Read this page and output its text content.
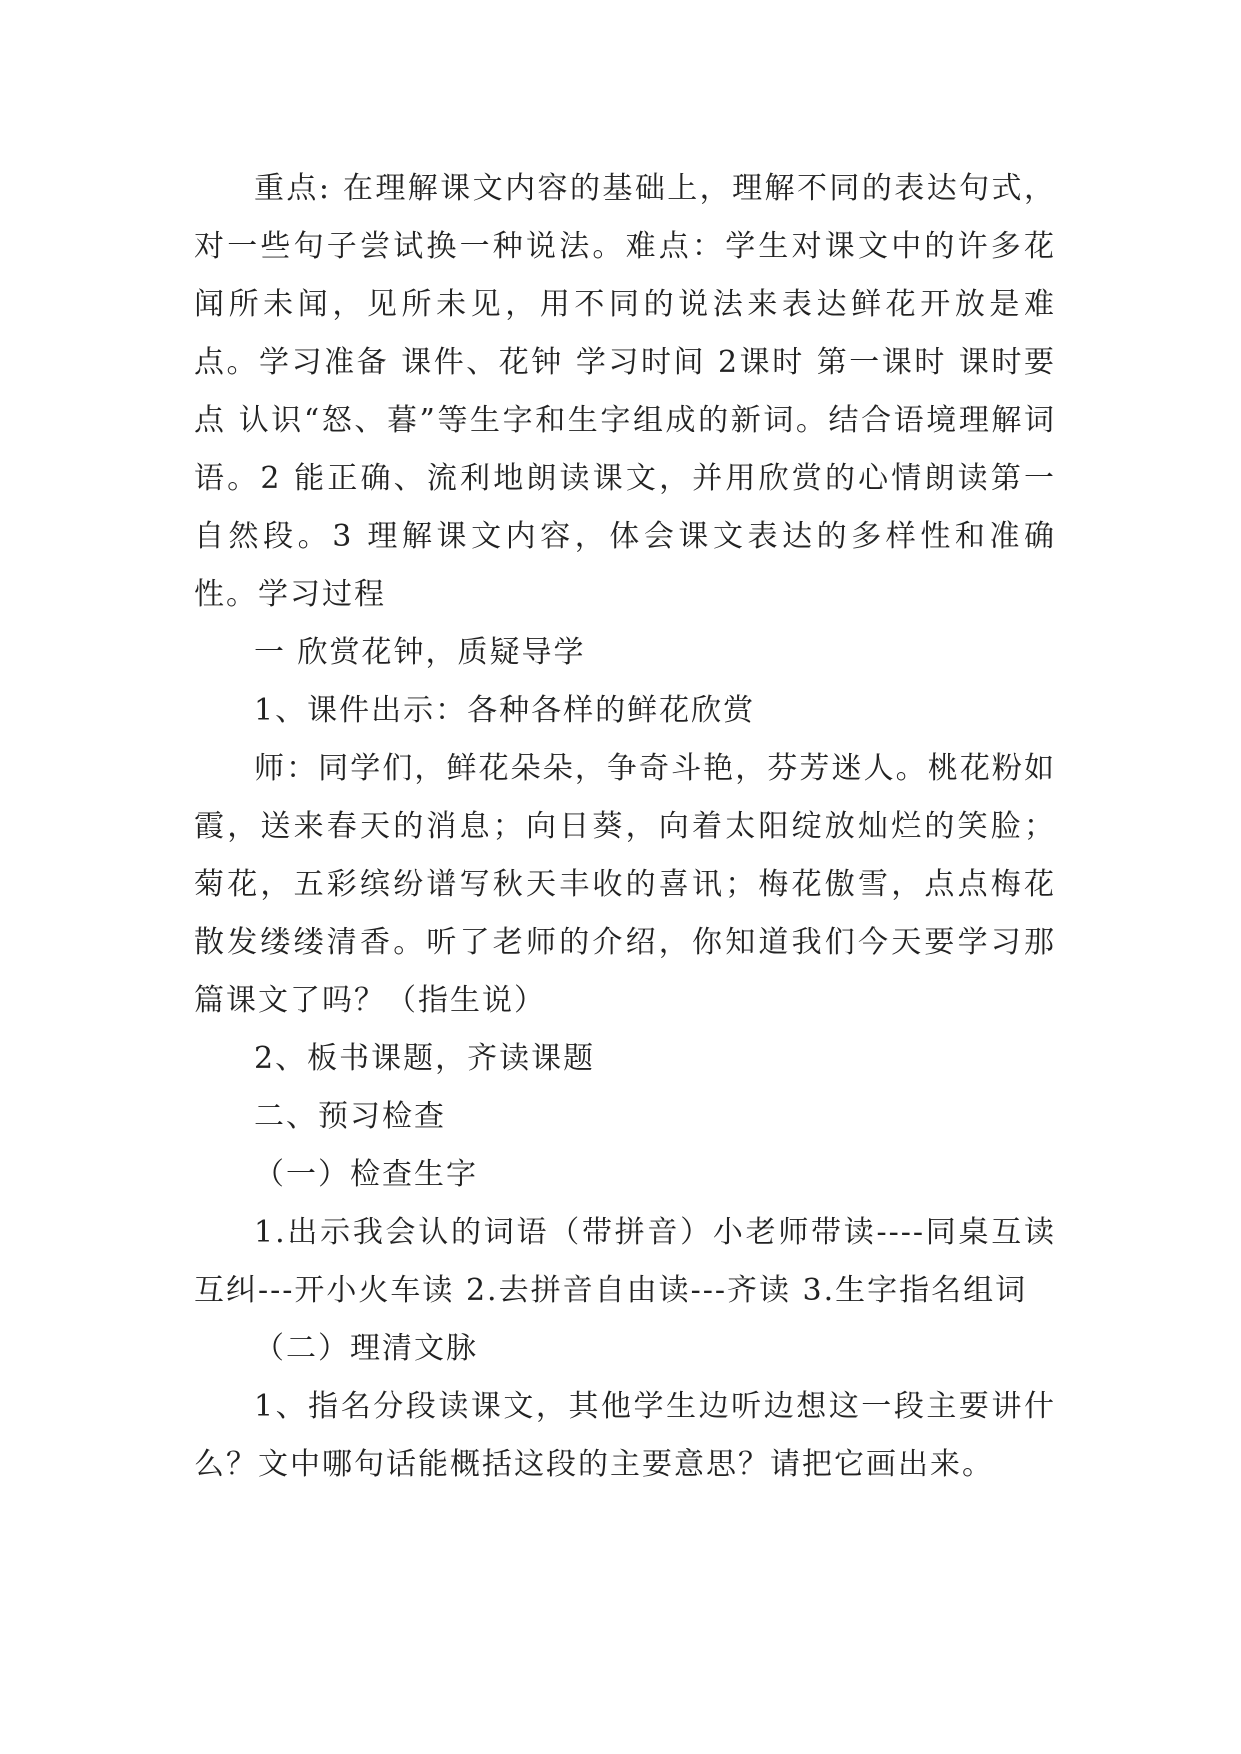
重点: 在理解课文内容的基础上，理解不同的表达句式，对一些句子尝试换一种说法。难点：学生对课文中的许多花闻所未闻，见所未见，用不同的说法来表达鲜花开放是难点。学习准备 课件、花钟 学习时间 2课时 第一课时 课时要点 认识“怒、暮”等生字和生字组成的新词。结合语境理解词语。2 能正确、流利地朗读课文，并用欣赏的心情朗读第一自然段。3 理解课文内容，体会课文表达的多样性和准确性。学习过程

一 欣赏花钟，质疑导学

1、课件出示：各种各样的鲜花欣赏

师：同学们，鲜花朵朵，争奇斗艳，芬芳迷人。桃花粉如霞，送来春天的消息；向日葵，向着太阳绽放灿烂的笑脸；菊花，五彩缤纷谱写秋天丰收的喜讯；梅花傲雪，点点梅花散发缕缕清香。听了老师的介绍，你知道我们今天要学习那篇课文了吗？（指生说）

2、板书课题，齐读课题

二、预习检查

（一）检查生字

1.出示我会认的词语（带拼音）小老师带读----同桌互读互纠---开小火车读 2.去拼音自由读---齐读 3.生字指名组词

（二）理清文脉

1、指名分段读课文，其他学生边听边想这一段主要讲什么？文中哪句话能概括这段的主要意思？请把它画出来。
